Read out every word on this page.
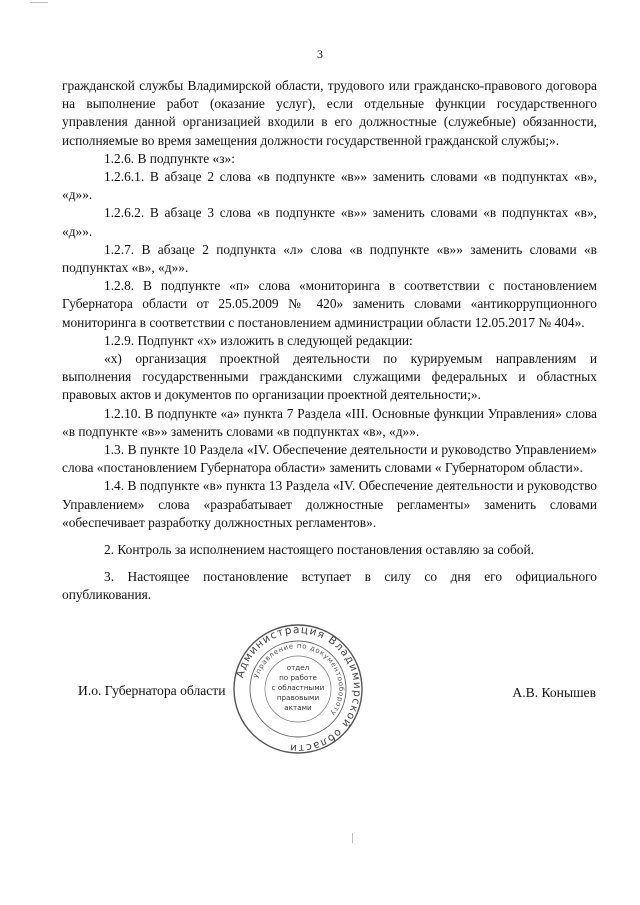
3

гражданской службы Владимирской области, трудового или гражданско-правового договора на выполнение работ (оказание услуг), если отдельные функции государственного управления данной организацией входили в его должностные (служебные) обязанности, исполняемые во время замещения должности государственной гражданской службы;».

1.2.6. В подпункте «з»:

1.2.6.1. В абзаце 2 слова «в подпункте «в»» заменить словами «в подпунктах «в», «д»».

1.2.6.2. В абзаце 3 слова «в подпункте «в»» заменить словами «в подпунктах «в», «д»».

1.2.7. В абзаце 2 подпункта «л» слова «в подпункте «в»» заменить словами «в подпунктах «в», «д»».

1.2.8. В подпункте «п» слова «мониторинга в соответствии с постановлением Губернатора области от 25.05.2009 № 420» заменить словами «антикоррупционного мониторинга в соответствии с постановлением администрации области 12.05.2017 № 404».

1.2.9. Подпункт «х» изложить в следующей редакции:

«х) организация проектной деятельности по курируемым направлениям и выполнения государственными гражданскими служащими федеральных и областных правовых актов и документов по организации проектной деятельности;».

1.2.10. В подпункте «а» пункта 7 Раздела «III. Основные функции Управления» слова «в подпункте «в»» заменить словами «в подпунктах «в», «д»».

1.3. В пункте 10 Раздела «IV. Обеспечение деятельности и руководство Управлением» слова «постановлением Губернатора области» заменить словами « Губернатором области».

1.4. В подпункте «в» пункта 13 Раздела «IV. Обеспечение деятельности и руководство Управлением» слова «разрабатывает должностные регламенты» заменить словами «обеспечивает разработку должностных регламентов».

2. Контроль за исполнением настоящего постановления оставляю за собой.

3. Настоящее постановление вступает в силу со дня его официального опубликования.

И.о. Губернатора области	А.В. Конышев
Администрация Владимирской области
Управление по документообороту
отдел
по работе
с областными
правовыми
актами
